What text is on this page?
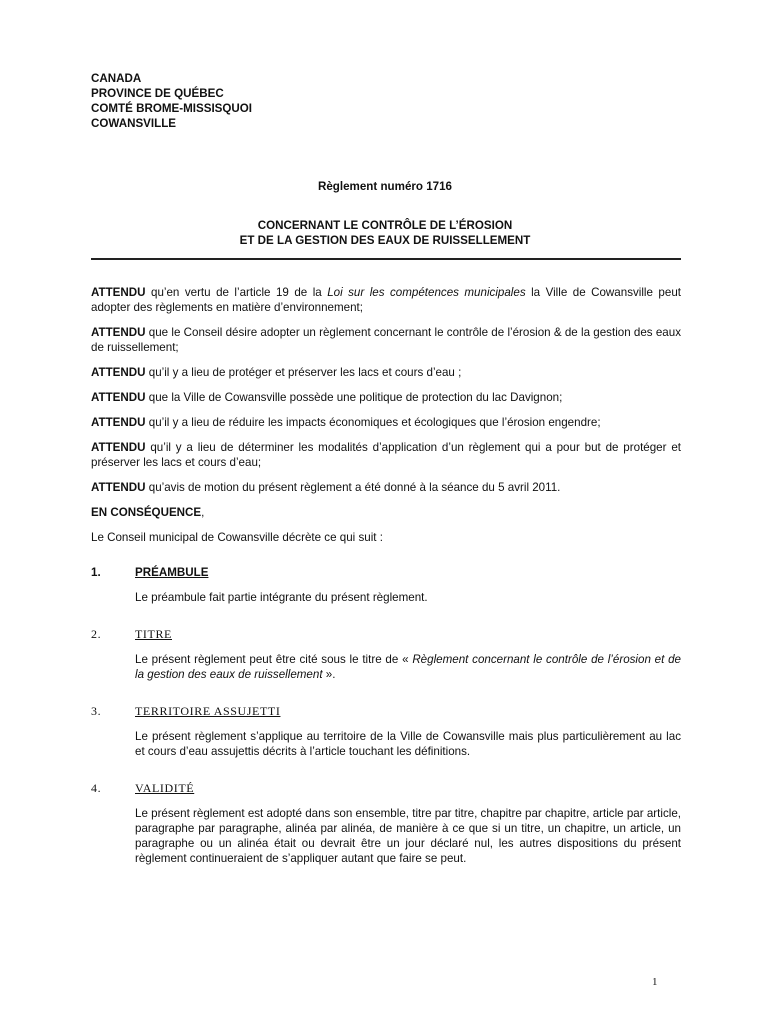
CANADA
PROVINCE DE QUÉBEC
COMTÉ BROME-MISSISQUOI
COWANSVILLE
Règlement numéro 1716
CONCERNANT LE CONTRÔLE DE L’ÉROSION
ET DE LA GESTION DES EAUX DE RUISSELLEMENT

ATTENDU qu’en vertu de l’article 19 de la Loi sur les compétences municipales la Ville de Cowansville peut adopter des règlements en matière d’environnement;

ATTENDU que le Conseil désire adopter un règlement concernant le contrôle de l’érosion & de la gestion des eaux de ruissellement;

ATTENDU qu’il y a lieu de protéger et préserver les lacs et cours d’eau ;

ATTENDU que la Ville de Cowansville possède une politique de protection du lac Davignon;

ATTENDU qu’il y a lieu de réduire les impacts économiques et écologiques que l’érosion engendre;

ATTENDU qu’il y a lieu de déterminer les modalités d’application d’un règlement qui a pour but de protéger et préserver les lacs et cours d’eau;

ATTENDU qu’avis de motion du présent règlement a été donné à la séance du 5 avril 2011.

EN CONSÉQUENCE,

Le Conseil municipal de Cowansville décrète ce qui suit :

1.	PRÉAMBULE
Le préambule fait partie intégrante du présent règlement.
2.	TITRE
Le présent règlement peut être cité sous le titre de « Règlement concernant le contrôle de l’érosion et de la gestion des eaux de ruissellement ».
3.	TERRITOIRE ASSUJETTI
Le présent règlement s’applique au territoire de la Ville de Cowansville mais plus particulièrement au lac et cours d’eau assujettis décrits à l’article touchant les définitions.
4.	VALIDITÉ
Le présent règlement est adopté dans son ensemble, titre par titre, chapitre par chapitre, article par article, paragraphe par paragraphe, alinéa par alinéa, de manière à ce que si un titre, un chapitre, un article, un paragraphe ou un alinéa était ou devrait être un jour déclaré nul, les autres dispositions du présent règlement continueraient de s’appliquer autant que faire se peut.
1
